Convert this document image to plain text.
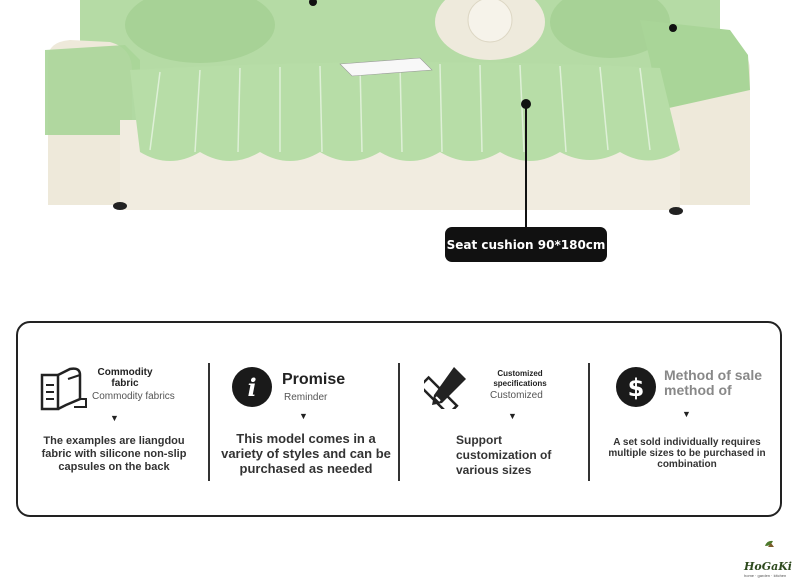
Seat cushion 90*180cm
Commodity fabric
Commodity fabrics
▼
The examples are liangdou fabric with silicone non-slip capsules on the back
i Promise
Reminder
▼
This model comes in a variety of styles and can be purchased as needed
Customized specifications
Customized
▼
Support customization of various sizes
$ Method of sale method of
▼
A set sold individually requires multiple sizes to be purchased in combination
HoGaKi
home · garden · kitchen
